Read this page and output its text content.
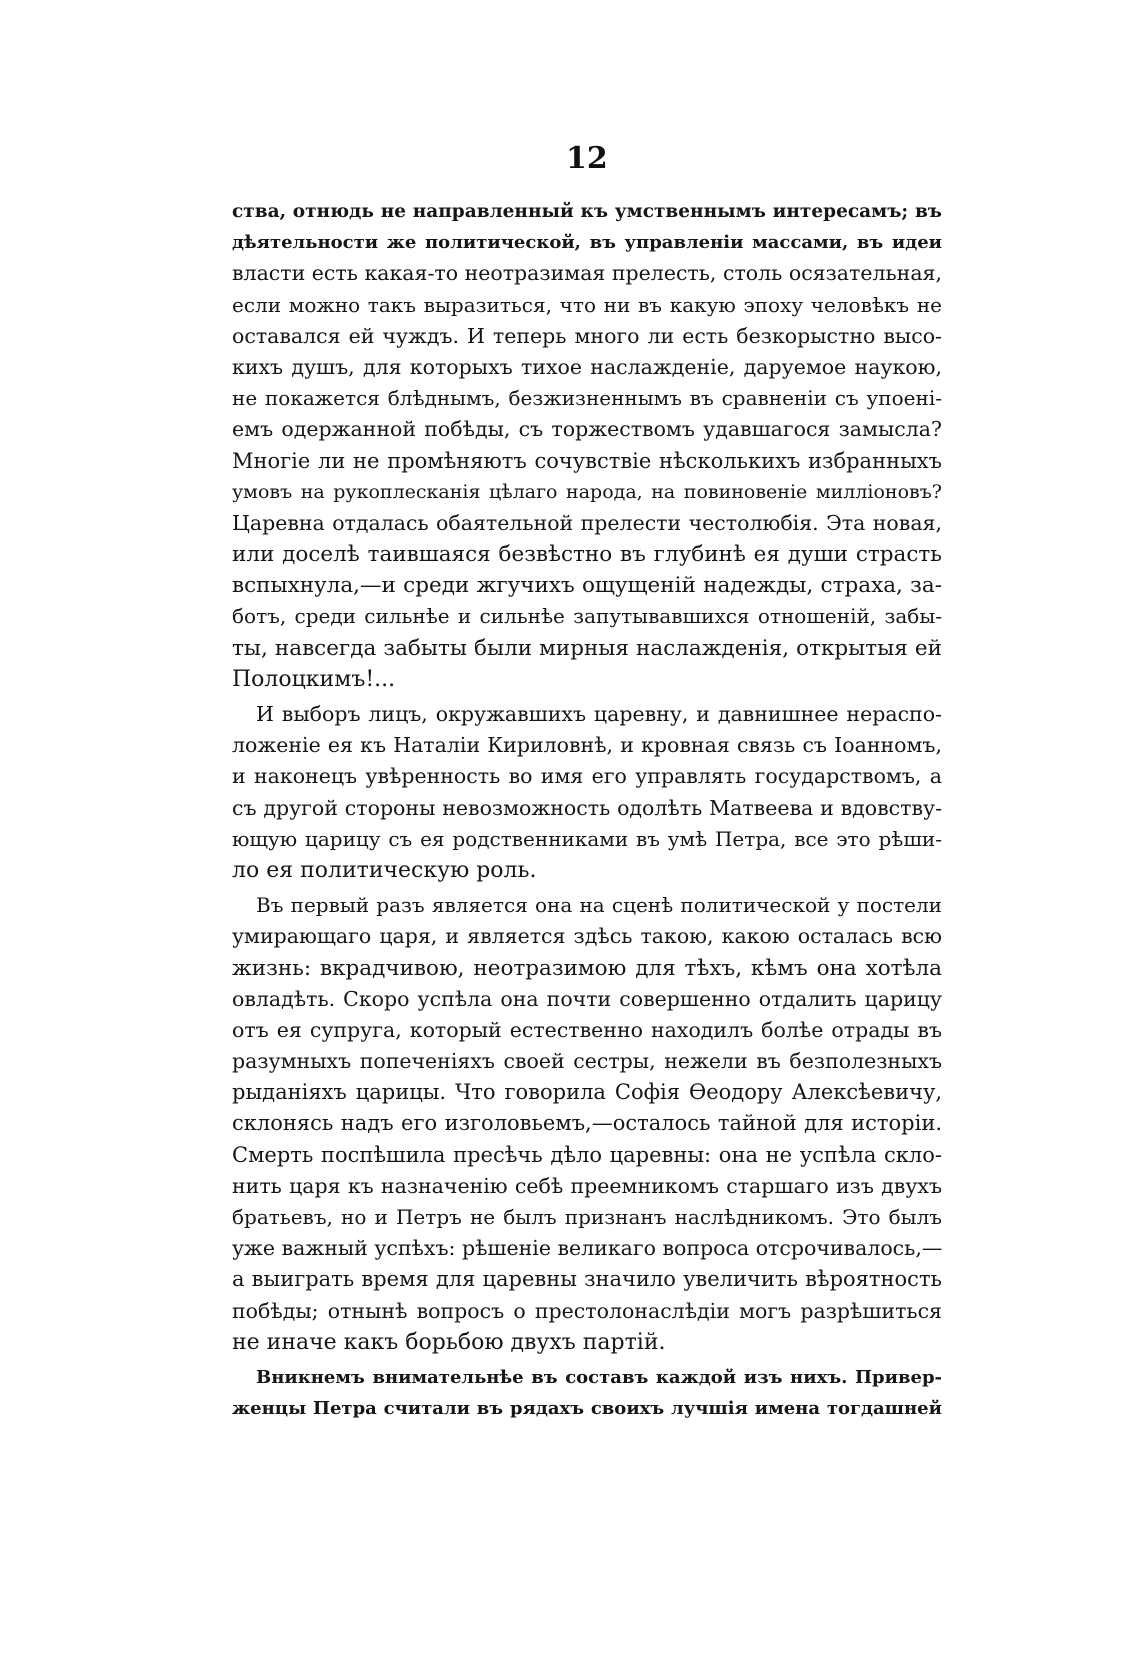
12
ства, отнюдь не направленный къ умственнымъ интересамъ; въ
дѣятельности же политической, въ управленіи массами, въ идеи
власти есть какая-то неотразимая прелесть, столь осязательная,
если можно такъ выразиться, что ни въ какую эпоху человѣкъ не
оставался ей чуждъ. И теперь много ли есть безкорыстно высо-
кихъ душъ, для которыхъ тихое наслажденіе, даруемое наукою,
не покажется блѣднымъ, безжизненнымъ въ сравненіи съ упоені-
емъ одержанной побѣды, съ торжествомъ удавшагося замысла?
Многіе ли не промѣняютъ сочувствіе нѣсколькихъ избранныхъ
умовъ на рукоплесканія цѣлаго народа, на повиновеніе милліоновъ?
Царевна отдалась обаятельной прелести честолюбія. Эта новая,
или доселѣ таившаяся безвѣстно въ глубинѣ ея души страсть
вспыхнула,—и среди жгучихъ ощущеній надежды, страха, за-
ботъ, среди сильнѣе и сильнѣе запутывавшихся отношеній, забы-
ты, навсегда забыты были мирныя наслажденія, открытыя ей
Полоцкимъ!...
И выборъ лицъ, окружавшихъ царевну, и давнишнее нераспо-
ложеніе ея къ Наталіи Кириловнѣ, и кровная связь съ Іоанномъ,
и наконецъ увѣренность во имя его управлять государствомъ, а
съ другой стороны невозможность одолѣть Матвеева и вдовству-
ющую царицу съ ея родственниками въ умѣ Петра, все это рѣши-
ло ея политическую роль.
Въ первый разъ является она на сценѣ политической у постели
умирающаго царя, и является здѣсь такою, какою осталась всю
жизнь: вкрадчивою, неотразимою для тѣхъ, кѣмъ она хотѣла
овладѣть. Скоро успѣла она почти совершенно отдалить царицу
отъ ея супруга, который естественно находилъ болѣе отрады въ
разумныхъ попеченіяхъ своей сестры, нежели въ безполезныхъ
рыданіяхъ царицы. Что говорила Софія Ѳеодору Алексѣевичу,
склонясь надъ его изголовьемъ,—осталось тайной для исторіи.
Смерть поспѣшила пресѣчь дѣло царевны: она не успѣла скло-
нить царя къ назначенію себѣ преемникомъ старшаго изъ двухъ
братьевъ, но и Петръ не былъ признанъ наслѣдникомъ. Это былъ
уже важный успѣхъ: рѣшеніе великаго вопроса отсрочивалось,—
а выиграть время для царевны значило увеличить вѣроятность
побѣды; отнынѣ вопросъ о престолонаслѣдіи могъ разрѣшиться
не иначе какъ борьбою двухъ партій.
Вникнемъ внимательнѣе въ составъ каждой изъ нихъ. Привер-
женцы Петра считали въ рядахъ своихъ лучшія имена тогдашней
